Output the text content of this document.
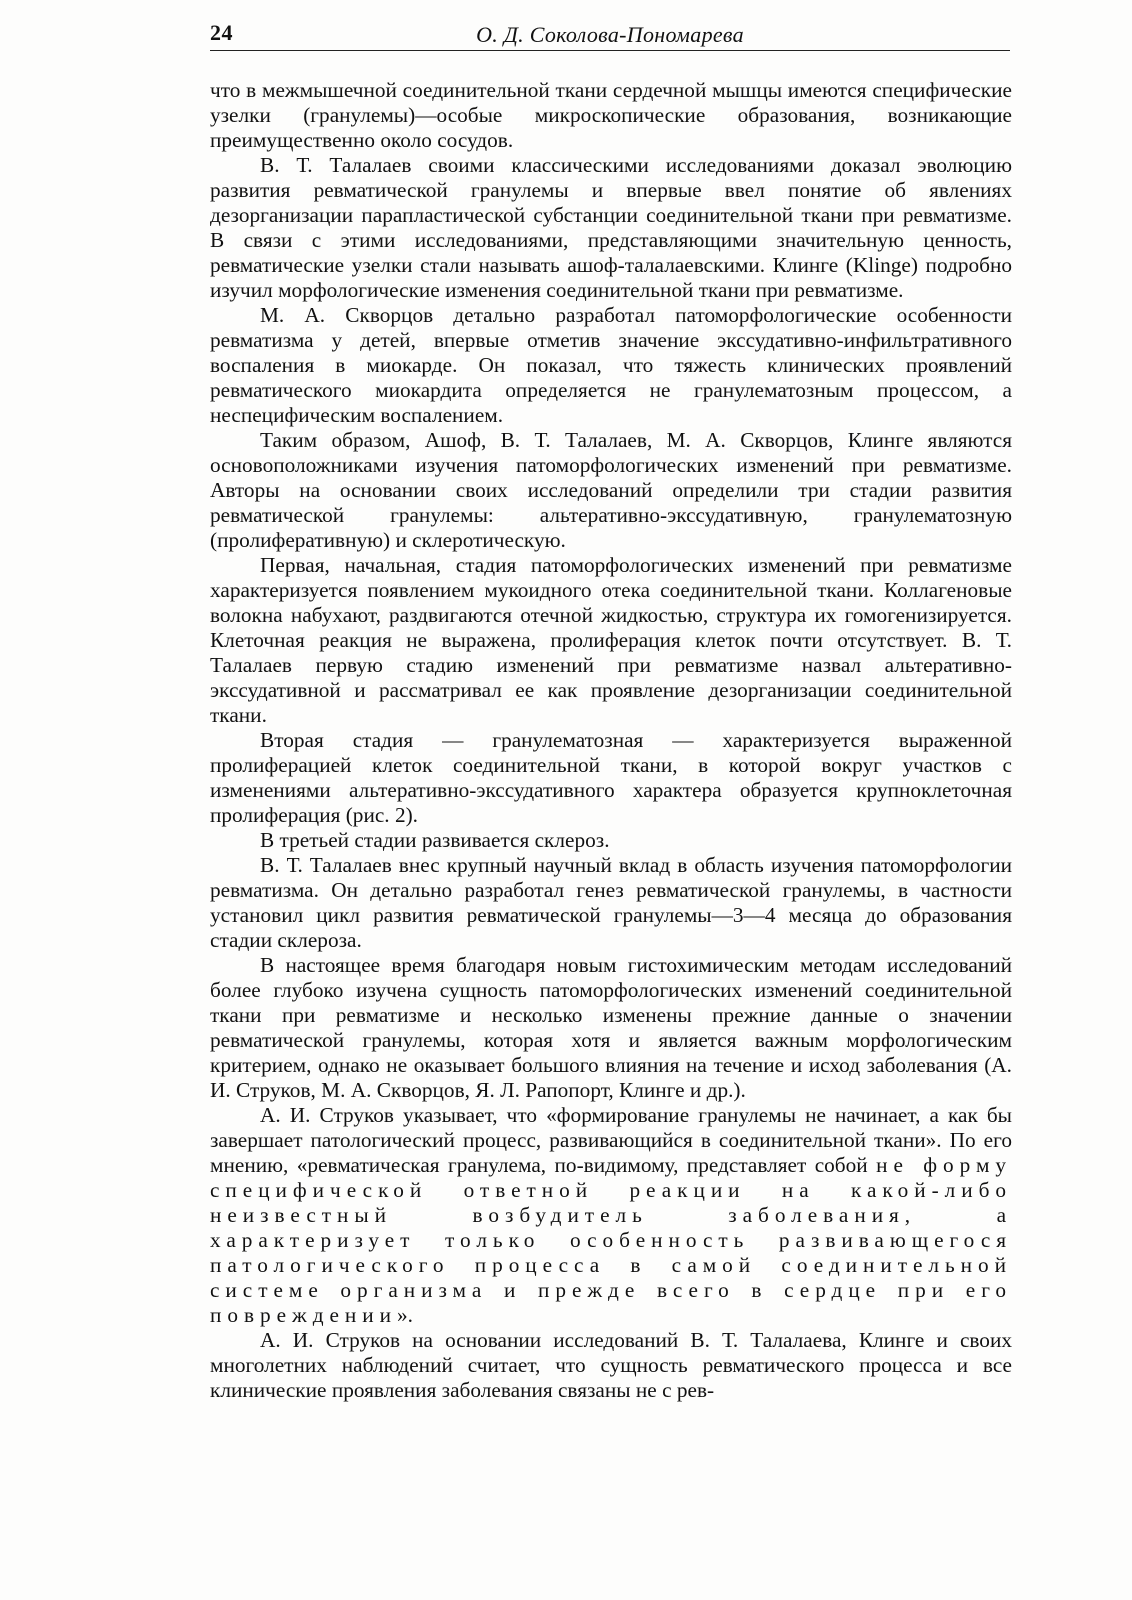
24	О. Д. Соколова-Пономарева

что в межмышечной соединительной ткани сердечной мышцы имеются специфические узелки (гранулемы)—особые микроскопические образования, возникающие преимущественно около сосудов.

В. Т. Талалаев своими классическими исследованиями доказал эволюцию развития ревматической гранулемы и впервые ввел понятие об явлениях дезорганизации парапластической субстанции соединительной ткани при ревматизме. В связи с этими исследованиями, представляющими значительную ценность, ревматические узелки стали называть ашоф-талалаевскими. Клинге (Klinge) подробно изучил морфологические изменения соединительной ткани при ревматизме.

М. А. Скворцов детально разработал патоморфологические особенности ревматизма у детей, впервые отметив значение экссудативно-инфильтративного воспаления в миокарде. Он показал, что тяжесть клинических проявлений ревматического миокардита определяется не гранулематозным процессом, а неспецифическим воспалением.

Таким образом, Ашоф, В. Т. Талалаев, М. А. Скворцов, Клинге являются основоположниками изучения патоморфологических изменений при ревматизме. Авторы на основании своих исследований определили три стадии развития ревматической гранулемы: альтеративно-экссудативную, гранулематозную (пролиферативную) и склеротическую.

Первая, начальная, стадия патоморфологических изменений при ревматизме характеризуется появлением мукоидного отека соединительной ткани. Коллагеновые волокна набухают, раздвигаются отечной жидкостью, структура их гомогенизируется. Клеточная реакция не выражена, пролиферация клеток почти отсутствует. В. Т. Талалаев первую стадию изменений при ревматизме назвал альтеративно-экссудативной и рассматривал ее как проявление дезорганизации соединительной ткани.

Вторая стадия — гранулематозная — характеризуется выраженной пролиферацией клеток соединительной ткани, в которой вокруг участков с изменениями альтеративно-экссудативного характера образуется крупноклеточная пролиферация (рис. 2).

В третьей стадии развивается склероз.

В. Т. Талалаев внес крупный научный вклад в область изучения патоморфологии ревматизма. Он детально разработал генез ревматической гранулемы, в частности установил цикл развития ревматической гранулемы—3—4 месяца до образования стадии склероза.

В настоящее время благодаря новым гистохимическим методам исследований более глубоко изучена сущность патоморфологических изменений соединительной ткани при ревматизме и несколько изменены прежние данные о значении ревматической гранулемы, которая хотя и является важным морфологическим критерием, однако не оказывает большого влияния на течение и исход заболевания (А. И. Струков, М. А. Скворцов, Я. Л. Рапопорт, Клинге и др.).

А. И. Струков указывает, что «формирование гранулемы не начинает, а как бы завершает патологический процесс, развивающийся в соединительной ткани». По его мнению, «ревматическая гранулема, по-видимому, представляет собой не форму специфической ответной реакции на какой-либо неизвестный возбудитель заболевания, а характеризует только особенность развивающегося патологического процесса в самой соединительной системе организма и прежде всего в сердце при его повреждении».

А. И. Струков на основании исследований В. Т. Талалаева, Клинге и своих многолетних наблюдений считает, что сущность ревматического процесса и все клинические проявления заболевания связаны не с рев-
